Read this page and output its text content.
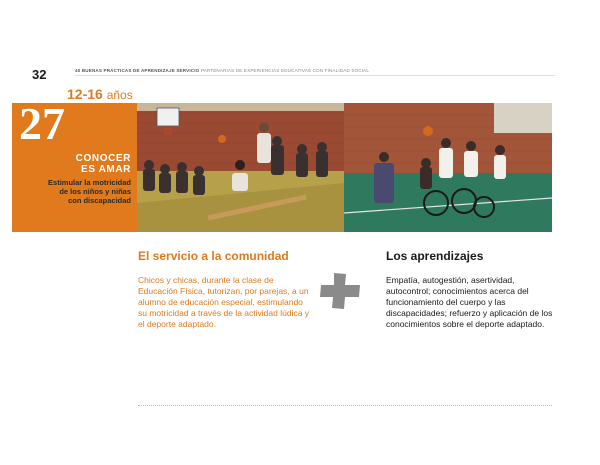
32	40 BUENAS PRÁCTICAS DE APRENDIZAJE SERVICIO PARTENARIAS DE EXPERIENCIAS EDUCATIVAS CON FINALIDAD SOCIAL
12-16 años
27
CONOCER
ES AMAR
Estimular la motricidad de los niños y niñas con discapacidad
El servicio a la comunidad
Chicos y chicas, durante la clase de Educación Física, tutorizan, por parejas, a un alumno de educación especial, estimulando su motricidad a través de la actividad lúdica y el deporte adaptado.
Los aprendizajes
Empatía, autogestión, asertividad, autocontrol; conocimientos acerca del funcionamiento del cuerpo y las discapacidades; refuerzo y aplicación de los conocimientos sobre el deporte adaptado.
